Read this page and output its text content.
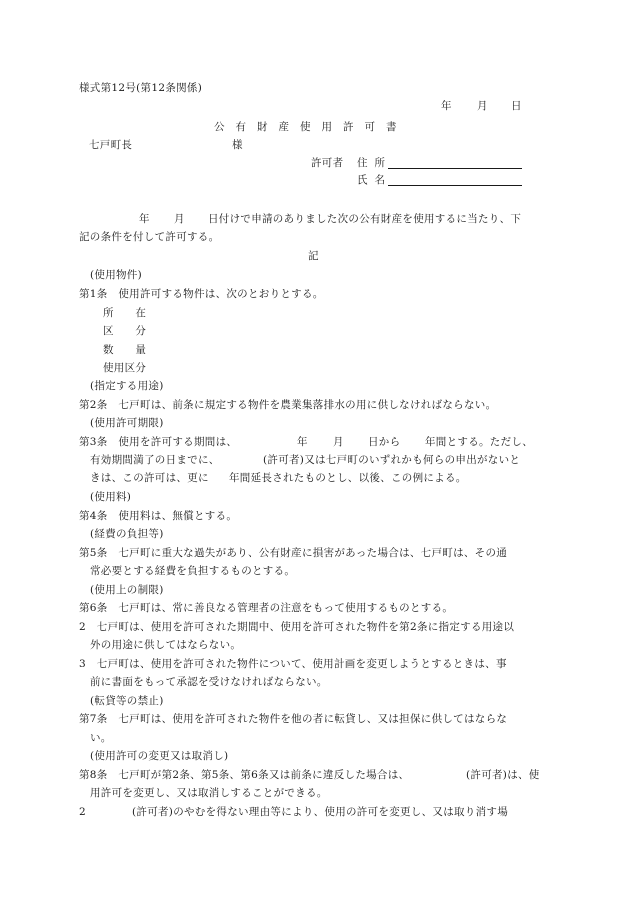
様式第12号(第12条関係)
年 月 日
公有財産使用許可書
七戸町長	様
許可者 住所
氏名
年 月 日付けで申請のありました次の公有財産を使用するに当たり、下
記の条件を付して許可する。
記
(使用物件)
第1条　使用許可する物件は、次のとおりとする。
所　　在
区　　分
数　　量
使用区分
(指定する用途)
第2条　七戸町は、前条に規定する物件を農業集落排水の用に供しなければならない。
(使用許可期限)
第3条　使用を許可する期間は、	年 月 日から 年間とする。ただし、
有効期間満了の日までに、	(許可者)又は七戸町のいずれかも何らの申出がないと
きは、この許可は、更に 年間延長されたものとし、以後、この例による。
(使用料)
第4条　使用料は、無償とする。
(経費の負担等)
第5条　七戸町に重大な過失があり、公有財産に損害があった場合は、七戸町は、その通
常必要とする経費を負担するものとする。
(使用上の制限)
第6条　七戸町は、常に善良なる管理者の注意をもって使用するものとする。
2　七戸町は、使用を許可された期間中、使用を許可された物件を第2条に指定する用途以
外の用途に供してはならない。
3　七戸町は、使用を許可された物件について、使用計画を変更しようとするときは、事
前に書面をもって承認を受けなければならない。
(転貸等の禁止)
第7条　七戸町は、使用を許可された物件を他の者に転貸し、又は担保に供してはならな
い。
(使用許可の変更又は取消し)
第8条　七戸町が第2条、第5条、第6条又は前条に違反した場合は、	(許可者)は、使
用許可を変更し、又は取消しすることができる。
2	(許可者)のやむを得ない理由等により、使用の許可を変更し、又は取り消す場
